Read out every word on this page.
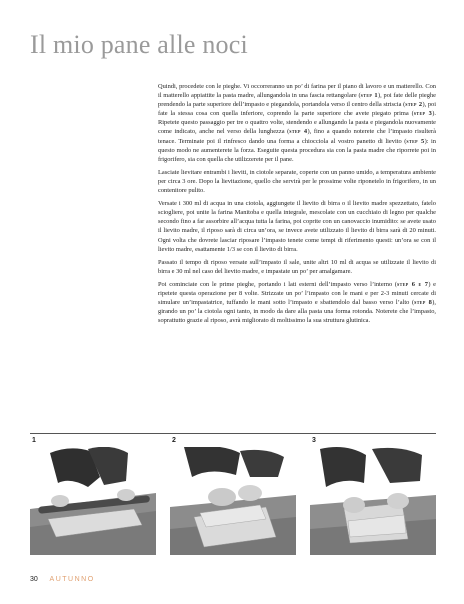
Il mio pane alle noci

Quindi, procedete con le pieghe. Vi occorreranno un po’ di farina per il piano di lavoro e un matterello. Con il matterello appiattite la pasta madre, allungandola in una fascia rettangolare (step 1), poi fate delle pieghe prendendo la parte superiore dell’impasto e piegandola, portandola verso il centro della striscia (step 2), poi fate la stessa cosa con quella inferiore, coprendo la parte superiore che avete piegato prima (step 3). Ripetete questo passaggio per tre o quattro volte, stendendo e allungando la pasta e piegandola nuovamente come indicato, anche nel verso della lunghezza (step 4), fino a quando noterete che l’impasto risulterà tenace. Terminate poi il rinfresco dando una forma a chiocciola al vostro panetto di lievito (step 5): in questo modo ne aumenterete la forza. Eseguite questa procedura sia con la pasta madre che riporrete poi in frigorifero, sia con quella che utilizzerete per il pane.

Lasciate lievitare entrambi i lieviti, in ciotole separate, coperte con un panno umido, a temperatura ambiente per circa 3 ore. Dopo la lievitazione, quello che servirà per le prossime volte riponetelo in frigorifero, in un contenitore pulito.

Versate i 300 ml di acqua in una ciotola, aggiungete il lievito di birra o il lievito madre spezzettato, fatelo sciogliere, poi unite la farina Manitoba e quella integrale, mescolate con un cucchiaio di legno per qualche secondo fino a far assorbire all’acqua tutta la farina, poi coprite con un canovaccio inumidito: se avete usato il lievito madre, il riposo sarà di circa un’ora, se invece avete utilizzato il lievito di birra sarà di 20 minuti. Ogni volta che dovrete lasciar riposare l’impasto tenete come tempi di riferimento questi: un’ora se con il lievito madre, esattamente 1/3 se con il lievito di birra.

Passato il tempo di riposo versate sull’impasto il sale, unite altri 10 ml di acqua se utilizzate il lievito di birra e 30 ml nel caso del lievito madre, e impastate un po’ per amalgamare.

Poi cominciate con le prime pieghe, portando i lati esterni dell’impasto verso l’interno (step 6 e 7) e ripetete questa operazione per 8 volte. Strizzate un po’ l’impasto con le mani e per 2-3 minuti cercate di simulare un’impastatrice, tuffando le mani sotto l’impasto e sbattendolo dal basso verso l’alto (step 8), girando un po’ la ciotola ogni tanto, in modo da dare alla pasta una forma rotonda. Noterete che l’impasto, soprattutto grazie al riposo, avrà migliorato di moltissimo la sua struttura glutinica.

1	2	3
30 AUTUNNO
